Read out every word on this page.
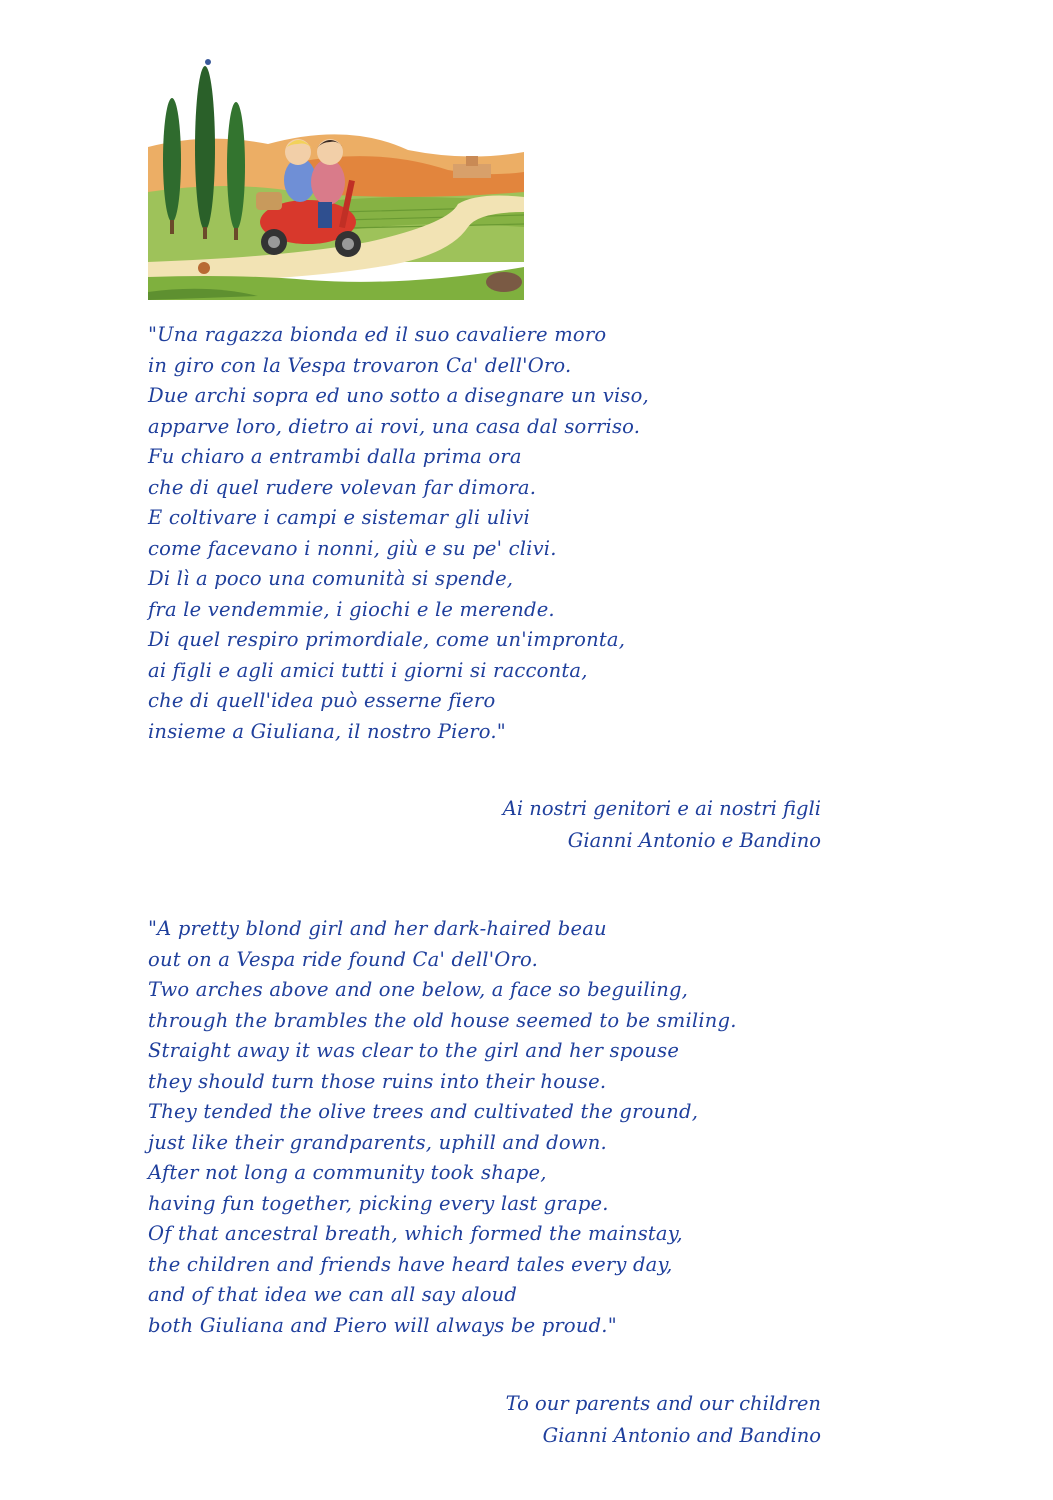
"Una ragazza bionda ed il suo cavaliere moro
in giro con la Vespa trovaron Ca' dell'Oro.
Due archi sopra ed uno sotto a disegnare un viso,
apparve loro, dietro ai rovi, una casa dal sorriso.
Fu chiaro a entrambi dalla prima ora
che di quel rudere volevan far dimora.
E coltivare i campi e sistemar gli ulivi
come facevano i nonni, giù e su pe' clivi.
Di lì a poco una comunità si spende,
fra le vendemmie, i giochi e le merende.
Di quel respiro primordiale, come un'impronta,
ai figli e agli amici tutti i giorni si racconta,
che di quell'idea può esserne fiero
insieme a Giuliana, il nostro Piero."
Ai nostri genitori e ai nostri figli
Gianni Antonio e Bandino
"A pretty blond girl and her dark-haired beau
out on a Vespa ride found Ca' dell'Oro.
Two arches above and one below, a face so beguiling,
through the brambles the old house seemed to be smiling.
Straight away it was clear to the girl and her spouse
they should turn those ruins into their house.
They tended the olive trees and cultivated the ground,
just like their grandparents, uphill and down.
After not long a community took shape,
having fun together, picking every last grape.
Of that ancestral breath, which formed the mainstay,
the children and friends have heard tales every day,
and of that idea we can all say aloud
both Giuliana and Piero will always be proud."
To our parents and our children
Gianni Antonio and Bandino
